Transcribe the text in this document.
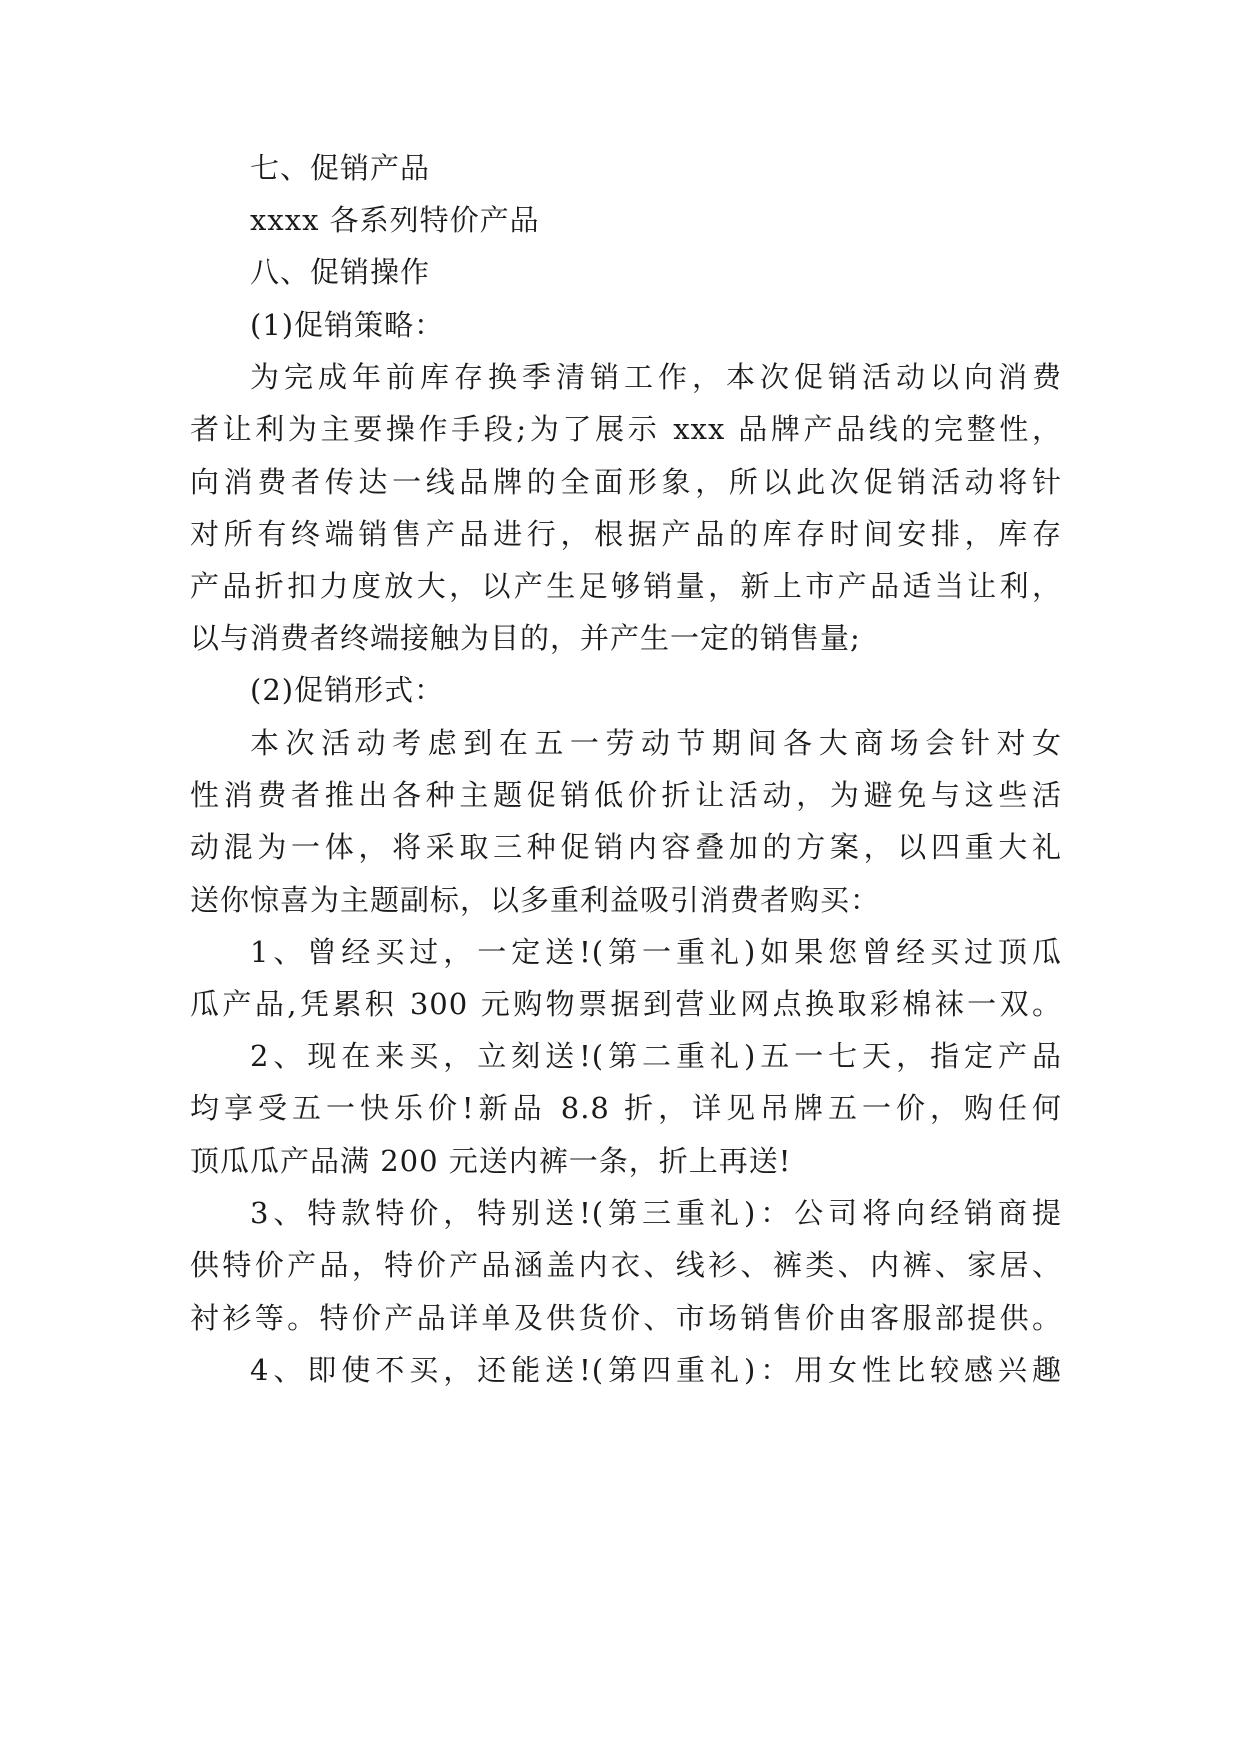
七、促销产品
xxxx 各系列特价产品
八、促销操作
(1)促销策略：
为完成年前库存换季清销工作，本次促销活动以向消费
者让利为主要操作手段;为了展示 xxx 品牌产品线的完整性，
向消费者传达一线品牌的全面形象，所以此次促销活动将针
对所有终端销售产品进行，根据产品的库存时间安排，库存
产品折扣力度放大，以产生足够销量，新上市产品适当让利，
以与消费者终端接触为目的，并产生一定的销售量;
(2)促销形式：
本次活动考虑到在五一劳动节期间各大商场会针对女
性消费者推出各种主题促销低价折让活动，为避免与这些活
动混为一体，将采取三种促销内容叠加的方案，以四重大礼
送你惊喜为主题副标，以多重利益吸引消费者购买：
1、曾经买过，一定送!(第一重礼)如果您曾经买过顶瓜
瓜产品,凭累积 300 元购物票据到营业网点换取彩棉袜一双。
2、现在来买，立刻送!(第二重礼)五一七天，指定产品
均享受五一快乐价!新品 8.8 折，详见吊牌五一价，购任何
顶瓜瓜产品满 200 元送内裤一条，折上再送!
3、特款特价，特别送!(第三重礼)：公司将向经销商提
供特价产品，特价产品涵盖内衣、线衫、裤类、内裤、家居、
衬衫等。特价产品详单及供货价、市场销售价由客服部提供。
4、即使不买，还能送!(第四重礼)：用女性比较感兴趣
